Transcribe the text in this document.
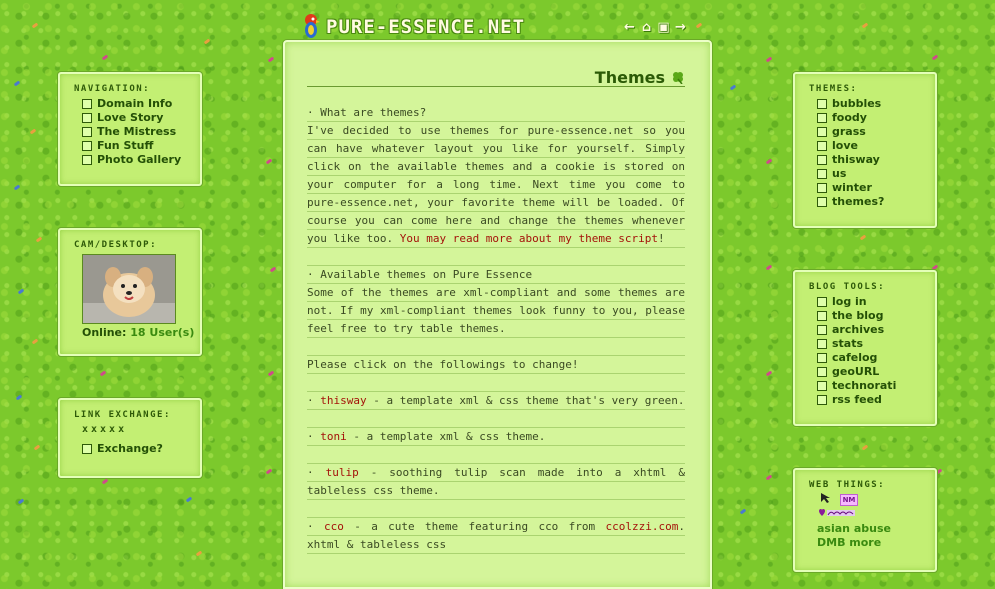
PURE-ESSENCE.NET	← ⌂ ▣ →
NAVIGATION:
Domain Info
Love Story
The Mistress
Fun Stuff
Photo Gallery
CAM/DESKTOP:
Online: 18 User(s)
LINK EXCHANGE:
xxxxx
Exchange?
Themes

· What are themes?

I've decided to use themes for pure-essence.net so you can have whatever layout you like for yourself. Simply click on the available themes and a cookie is stored on your computer for a long time. Next time you come to pure-essence.net, your favorite theme will be loaded. Of course you can come here and change the themes whenever you like too. You may read more about my theme script!

· Available themes on Pure Essence

Some of the themes are xml-compliant and some themes are not. If my xml-compliant themes look funny to you, please feel free to try table themes.

Please click on the followings to change!

· thisway - a template xml & css theme that's very green.

· toni - a template xml & css theme.

· tulip - soothing tulip scan made into a xhtml & tableless css theme.

· cco - a cute theme featuring cco from ccolzzi.com. xhtml & tableless css

THEMES:
bubbles
foody
grass
love
thisway
us
winter
themes?
BLOG TOOLS:
log in
the blog
archives
stats
cafelog
geoURL
technorati
rss feed
WEB THINGS:
NM
asian abuse
DMB more
